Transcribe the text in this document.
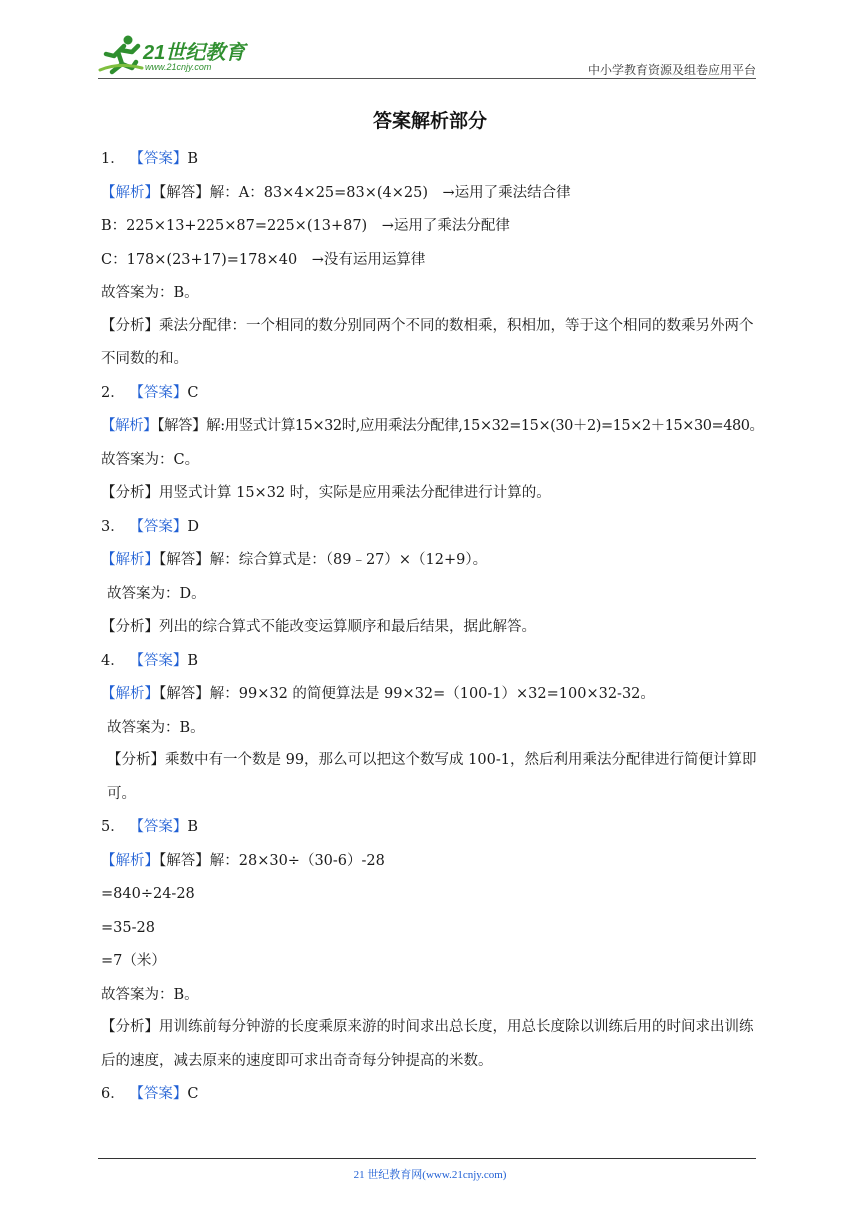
21世纪教育
www.21cnjy.com	中小学教育资源及组卷应用平台
答案解析部分
1． 【答案】B
【解析】【解答】解：A：83×4×25=83×(4×25)　→运用了乘法结合律
B：225×13+225×87=225×(13+87)　→运用了乘法分配律
C：178×(23+17)=178×40　→没有运用运算律
故答案为：B。
【分析】乘法分配律：一个相同的数分别同两个不同的数相乘，积相加，等于这个相同的数乘另外两个不同数的和。
2． 【答案】C
【解析】【解答】解:用竖式计算15×32时,应用乘法分配律,15×32=15×(30＋2)=15×2＋15×30=480。
故答案为：C。
【分析】用竖式计算 15×32 时，实际是应用乘法分配律进行计算的。
3． 【答案】D
【解析】【解答】解：综合算式是：（89﹣27）×（12+9）。
故答案为：D。
【分析】列出的综合算式不能改变运算顺序和最后结果，据此解答。
4． 【答案】B
【解析】【解答】解：99×32 的简便算法是 99×32=（100-1）×32=100×32-32。
故答案为：B。
【分析】乘数中有一个数是 99，那么可以把这个数写成 100-1，然后利用乘法分配律进行简便计算即可。
5． 【答案】B
【解析】【解答】解：28×30÷（30-6）-28
=840÷24-28
=35-28
=7（米）
故答案为：B。
【分析】用训练前每分钟游的长度乘原来游的时间求出总长度，用总长度除以训练后用的时间求出训练后的速度，减去原来的速度即可求出奇奇每分钟提高的米数。
6． 【答案】C
21 世纪教育网(www.21cnjy.com)
